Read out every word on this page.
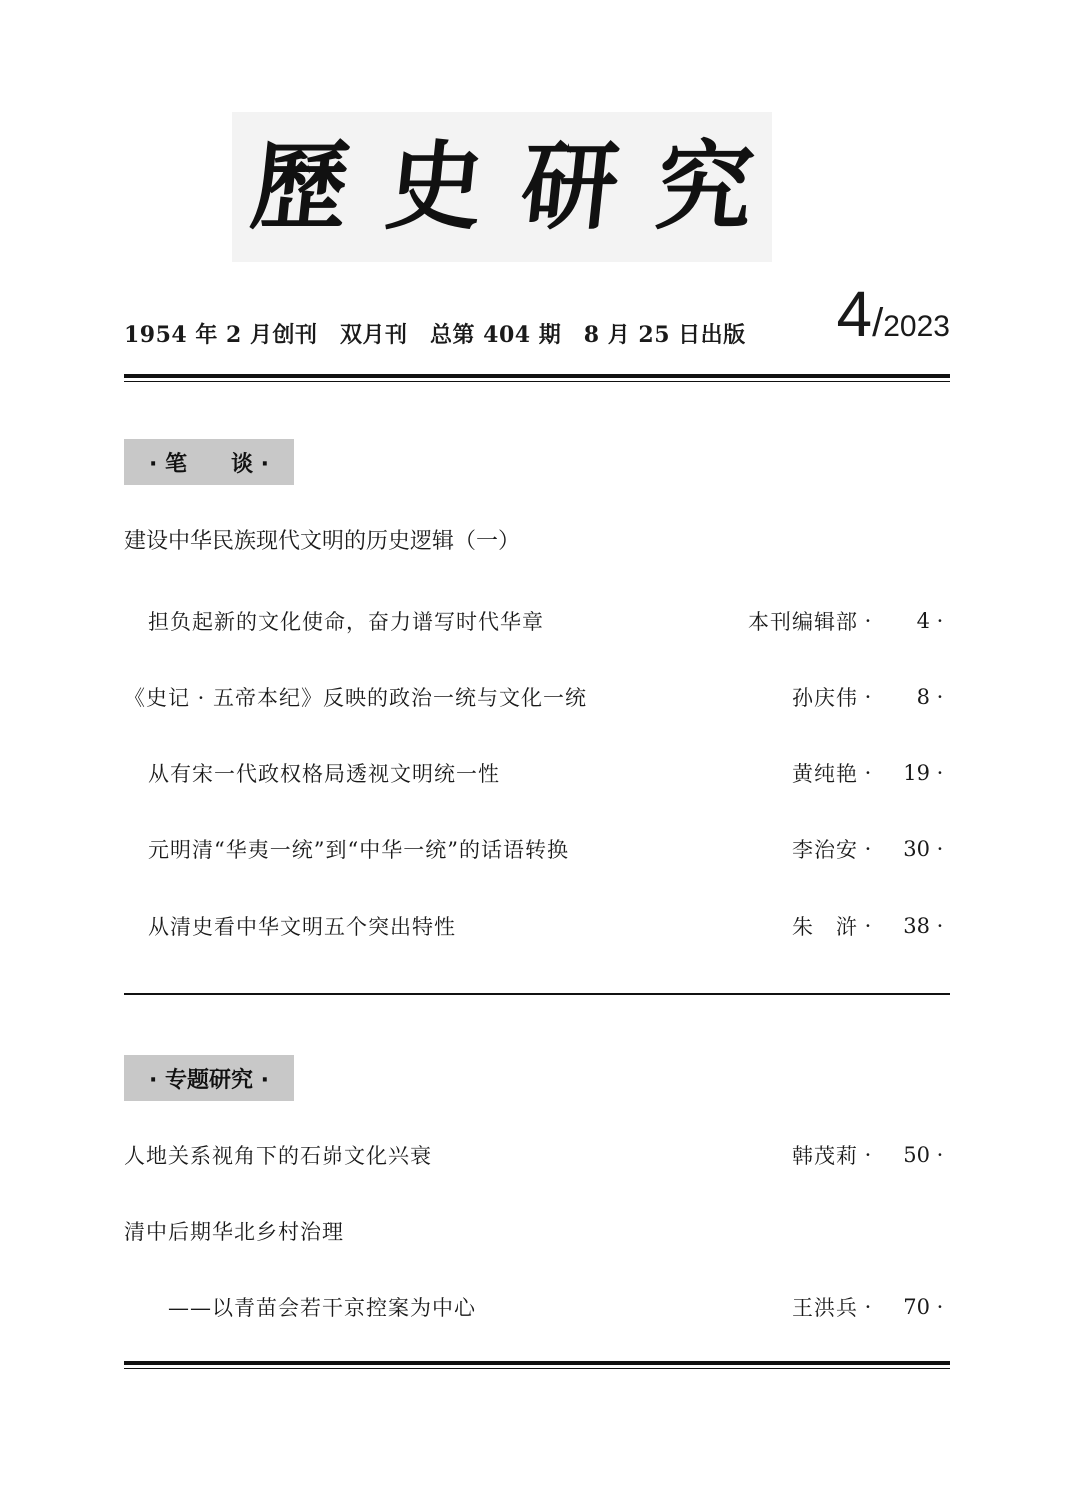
歷 史 研 究
1954 年 2 月创刊　双月刊　总第 404 期　8 月 25 日出版 4/2023
· 笔　　谈 ·
建设中华民族现代文明的历史逻辑（一）
担负起新的文化使命，奋力谱写时代华章	本刊编辑部 ·	4 ·
《史记 · 五帝本纪》反映的政治一统与文化一统	孙庆伟 ·	8 ·
从有宋一代政权格局透视文明统一性	黄纯艳 ·	19 ·
元明清“华夷一统”到“中华一统”的话语转换	李治安 ·	30 ·
从清史看中华文明五个突出特性	朱　浒 ·	38 ·
· 专题研究 ·
人地关系视角下的石峁文化兴衰	韩茂莉 ·	50 ·
清中后期华北乡村治理
——以青苗会若干京控案为中心	王洪兵 ·	70 ·
